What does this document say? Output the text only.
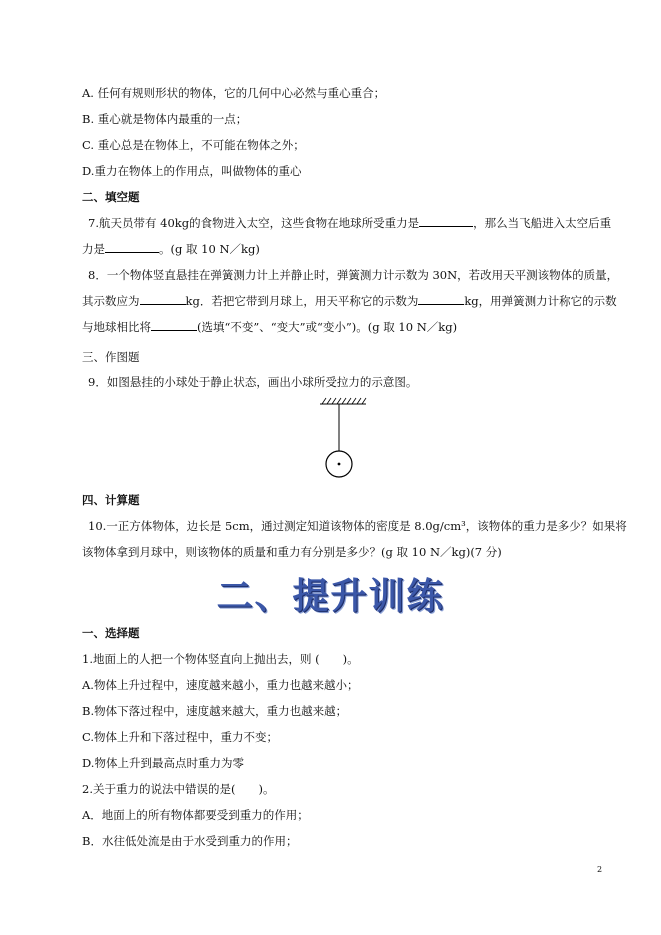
A. 任何有规则形状的物体，它的几何中心必然与重心重合；
B. 重心就是物体内最重的一点；
C. 重心总是在物体上，不可能在物体之外；
D.重力在物体上的作用点，叫做物体的重心
二、填空题
7.航天员带有 40kg的食物进入太空，这些食物在地球所受重力是	，那么当飞船进入太空后重
力是	。(g 取 10 N／kg)
8．一个物体竖直悬挂在弹簧测力计上并静止时，弹簧测力计示数为 30N，若改用天平测该物体的质量，
其示数应为	kg．若把它带到月球上，用天平称它的示数为	kg，用弹簧测力计称它的示数
与地球相比将	(选填“不变”、“变大”或“变小”)。(g 取 10 N／kg)
三、作图题
9．如图悬挂的小球处于静止状态，画出小球所受拉力的示意图。
四、计算题
10.一正方体物体，边长是 5cm，通过测定知道该物体的密度是 8.0g/cm³，该物体的重力是多少？如果将
该物体拿到月球中，则该物体的质量和重力有分别是多少？(g 取 10 N／kg)(7 分)
二、提升训练
一、选择题
1.地面上的人把一个物体竖直向上抛出去，则 (　　)。
A.物体上升过程中，速度越来越小，重力也越来越小；
B.物体下落过程中，速度越来越大，重力也越来越；
C.物体上升和下落过程中，重力不变；
D.物体上升到最高点时重力为零
2.关于重力的说法中错误的是(　　)。
A．地面上的所有物体都要受到重力的作用；
B．水往低处流是由于水受到重力的作用；
2
